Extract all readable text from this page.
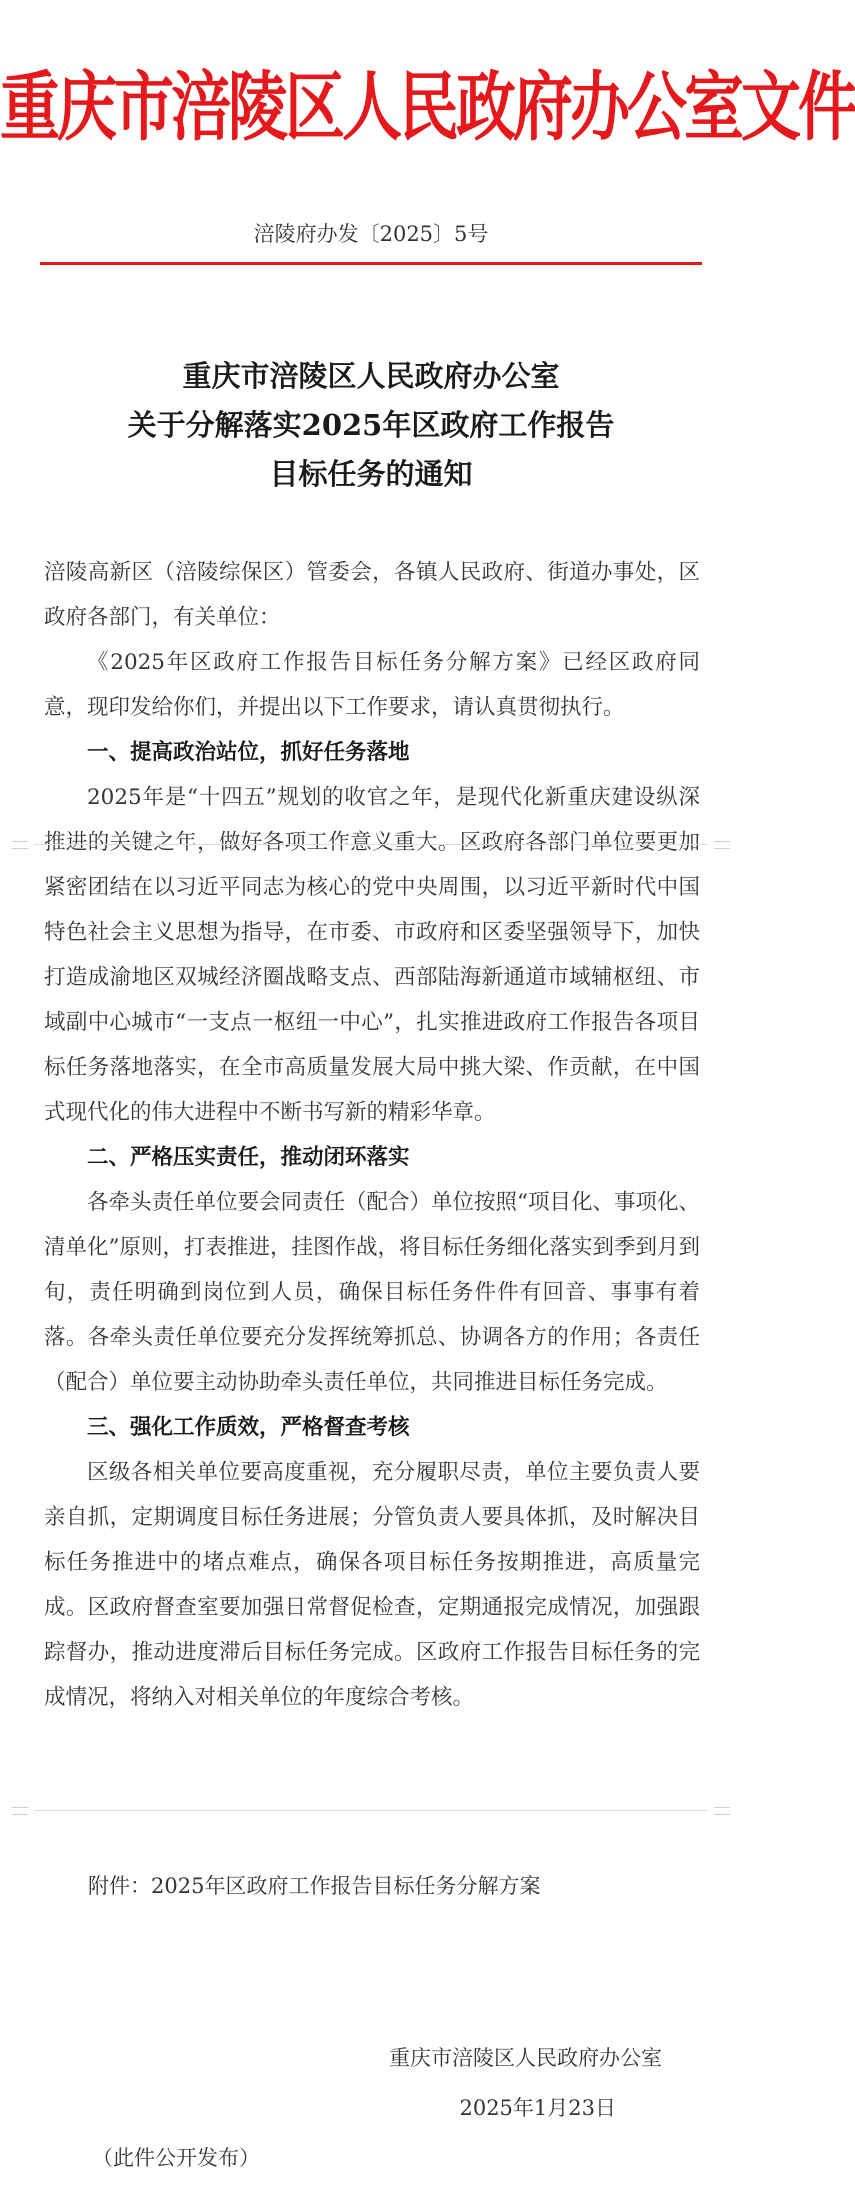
重庆市涪陵区人民政府办公室文件
涪陵府办发〔2025〕5号
重庆市涪陵区人民政府办公室
关于分解落实2025年区政府工作报告
目标任务的通知

涪陵高新区（涪陵综保区）管委会，各镇人民政府、街道办事处，区政府各部门，有关单位：

《2025年区政府工作报告目标任务分解方案》已经区政府同意，现印发给你们，并提出以下工作要求，请认真贯彻执行。

一、提高政治站位，抓好任务落地

2025年是“十四五”规划的收官之年，是现代化新重庆建设纵深推进的关键之年，做好各项工作意义重大。区政府各部门单位要更加紧密团结在以习近平同志为核心的党中央周围，以习近平新时代中国特色社会主义思想为指导，在市委、市政府和区委坚强领导下，加快打造成渝地区双城经济圈战略支点、西部陆海新通道市域辅枢纽、市域副中心城市“一支点一枢纽一中心”，扎实推进政府工作报告各项目标任务落地落实，在全市高质量发展大局中挑大梁、作贡献，在中国式现代化的伟大进程中不断书写新的精彩华章。

二、严格压实责任，推动闭环落实

各牵头责任单位要会同责任（配合）单位按照“项目化、事项化、清单化”原则，打表推进，挂图作战，将目标任务细化落实到季到月到旬，责任明确到岗位到人员，确保目标任务件件有回音、事事有着落。各牵头责任单位要充分发挥统筹抓总、协调各方的作用；各责任（配合）单位要主动协助牵头责任单位，共同推进目标任务完成。

三、强化工作质效，严格督查考核

区级各相关单位要高度重视，充分履职尽责，单位主要负责人要亲自抓，定期调度目标任务进展；分管负责人要具体抓，及时解决目标任务推进中的堵点难点，确保各项目标任务按期推进，高质量完成。区政府督查室要加强日常督促检查，定期通报完成情况，加强跟踪督办，推动进度滞后目标任务完成。区政府工作报告目标任务的完成情况，将纳入对相关单位的年度综合考核。

附件：2025年区政府工作报告目标任务分解方案
重庆市涪陵区人民政府办公室
2025年1月23日
（此件公开发布）
